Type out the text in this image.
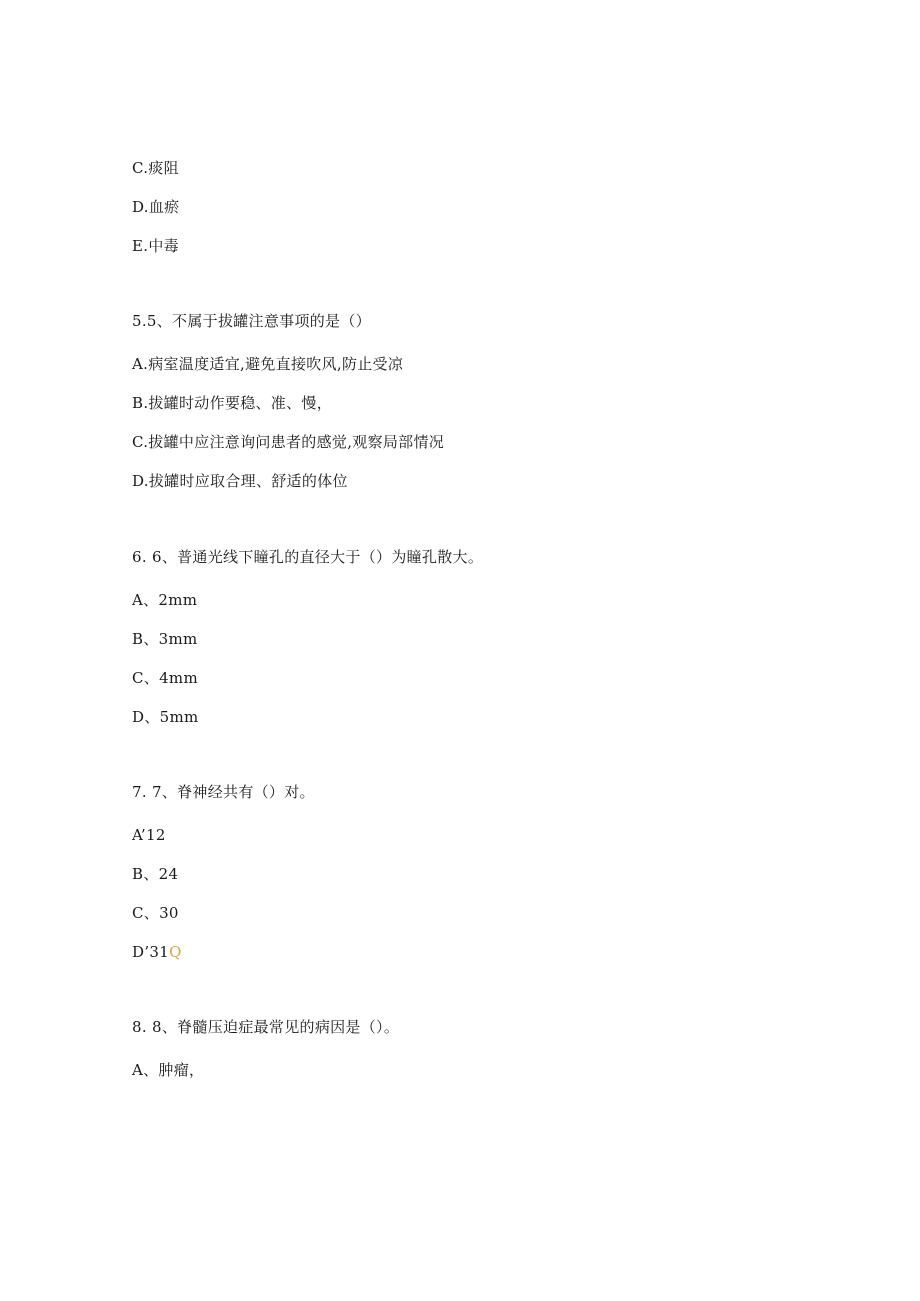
C.痰阻
D.血瘀
E.中毒
5.5、不属于拔罐注意事项的是（）
A.病室温度适宜,避免直接吹风,防止受凉
B.拔罐时动作要稳、准、慢，
C.拔罐中应注意询问患者的感觉,观察局部情况
D.拔罐时应取合理、舒适的体位
6. 6、普通光线下瞳孔的直径大于（）为瞳孔散大。
A、2mm
B、3mm
C、4mm
D、5mm
7. 7、脊神经共有（）对。
A’12
B、24
C、30
D’31Q
8. 8、脊髓压迫症最常见的病因是（）。
A、肿瘤，
